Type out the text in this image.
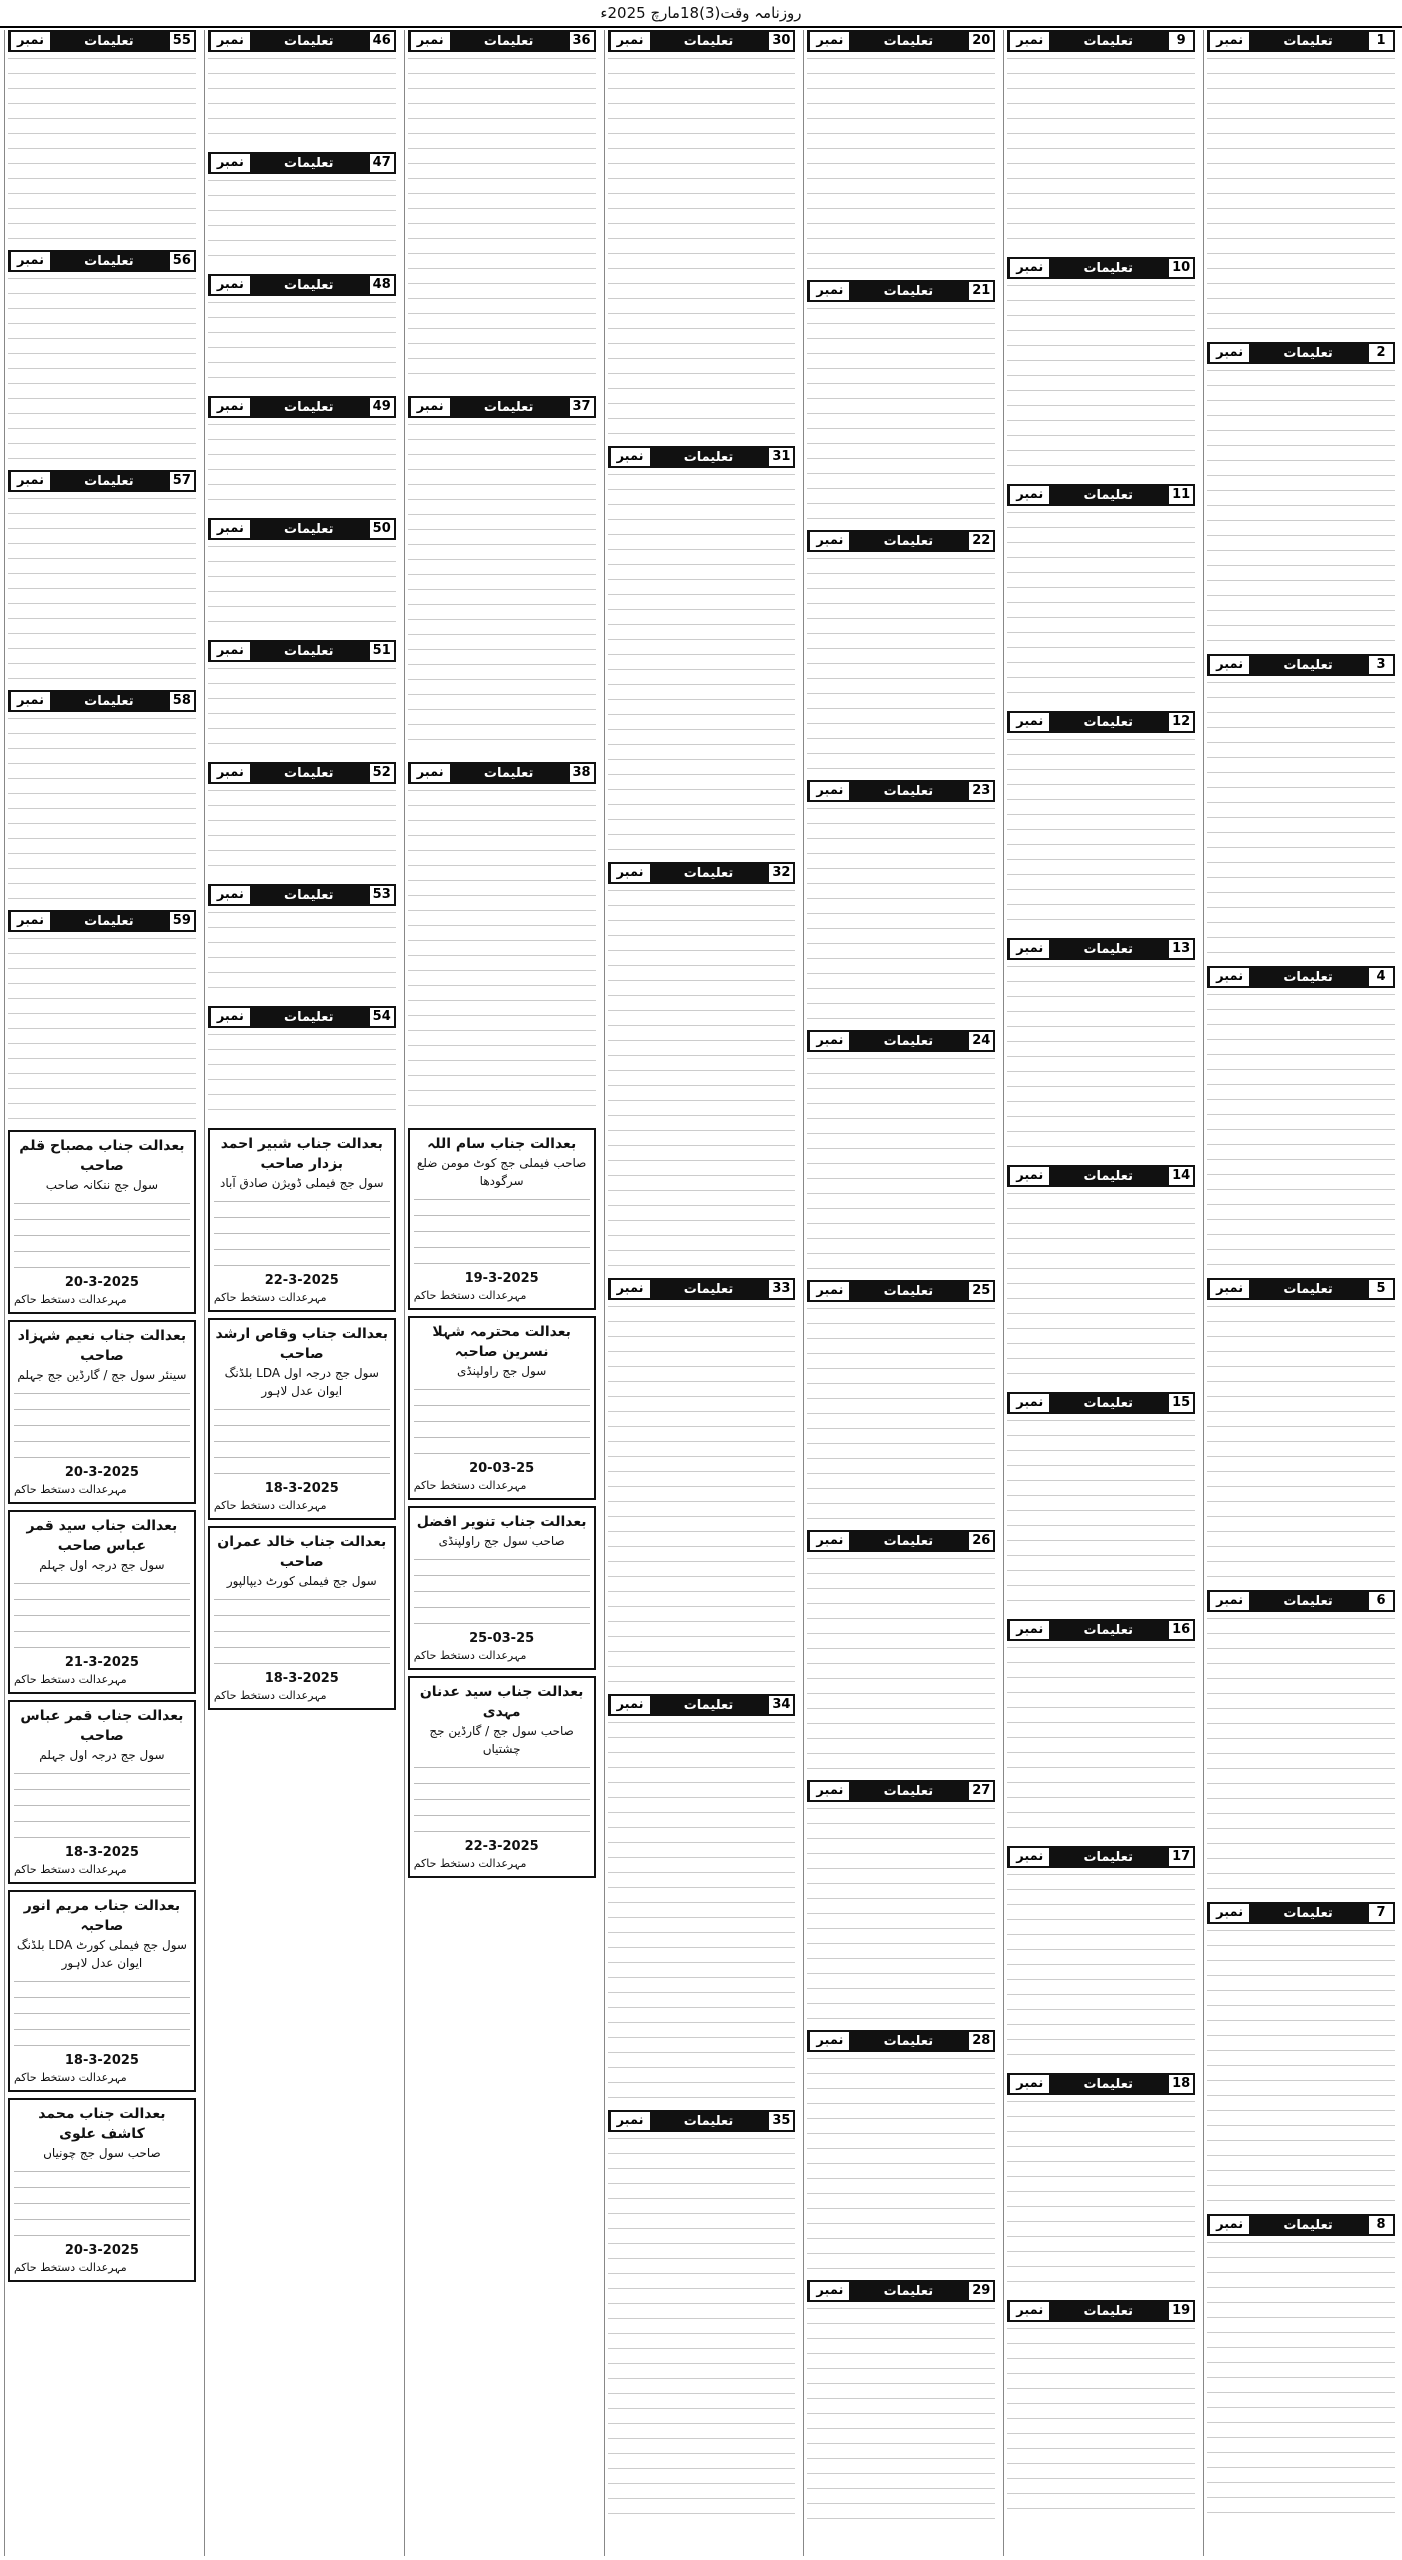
روزنامہ وقت(3)18مارچ 2025ء
1
تعلیمات
نمبر
2
تعلیمات
نمبر
3
تعلیمات
نمبر
4
تعلیمات
نمبر
5
تعلیمات
نمبر
6
تعلیمات
نمبر
7
تعلیمات
نمبر
8
تعلیمات
نمبر
9
تعلیمات
نمبر
10
تعلیمات
نمبر
11
تعلیمات
نمبر
12
تعلیمات
نمبر
13
تعلیمات
نمبر
14
تعلیمات
نمبر
15
تعلیمات
نمبر
16
تعلیمات
نمبر
17
تعلیمات
نمبر
18
تعلیمات
نمبر
19
تعلیمات
نمبر
20
تعلیمات
نمبر
21
تعلیمات
نمبر
22
تعلیمات
نمبر
23
تعلیمات
نمبر
24
تعلیمات
نمبر
25
تعلیمات
نمبر
26
تعلیمات
نمبر
27
تعلیمات
نمبر
28
تعلیمات
نمبر
29
تعلیمات
نمبر
30
تعلیمات
نمبر
31
تعلیمات
نمبر
32
تعلیمات
نمبر
33
تعلیمات
نمبر
34
تعلیمات
نمبر
35
تعلیمات
نمبر
36
تعلیمات
نمبر
37
تعلیمات
نمبر
38
تعلیمات
نمبر
بعدالت جناب سام اللہ
صاحب فیملی جج کوٹ مومن ضلع سرگودھا
19-3-2025
مہرعدالت دستخط حاکم
بعدالت محترمہ شہلا نسرین صاحبہ
سول جج راولپنڈی
20-03-25
مہرعدالت دستخط حاکم
بعدالت جناب تنویر افضل
صاحب سول جج راولپنڈی
25-03-25
مہرعدالت دستخط حاکم
بعدالت جناب سید عدنان مہدی
صاحب سول جج / گارڈین جج چشتیاں
22-3-2025
مہرعدالت دستخط حاکم
46
تعلیمات
نمبر
47
تعلیمات
نمبر
48
تعلیمات
نمبر
49
تعلیمات
نمبر
50
تعلیمات
نمبر
51
تعلیمات
نمبر
52
تعلیمات
نمبر
53
تعلیمات
نمبر
54
تعلیمات
نمبر
بعدالت جناب شبیر احمد بزدار صاحب
سول جج فیملی ڈویژن صادق آباد
22-3-2025
مہرعدالت دستخط حاکم
بعدالت جناب وقاص ارشد صاحب
سول جج درجہ اول LDA بلڈنگ ایوان عدل لاہور
18-3-2025
مہرعدالت دستخط حاکم
بعدالت جناب خالد عمران صاحب
سول جج فیملی کورٹ دیپالپور
18-3-2025
مہرعدالت دستخط حاکم
55
تعلیمات
نمبر
56
تعلیمات
نمبر
57
تعلیمات
نمبر
58
تعلیمات
نمبر
59
تعلیمات
نمبر
بعدالت جناب مصباح قلم صاحب
سول جج ننکانہ صاحب
20-3-2025
مہرعدالت دستخط حاکم
بعدالت جناب نعیم شہزاد صاحب
سینئر سول جج / گارڈین جج جہلم
20-3-2025
مہرعدالت دستخط حاکم
بعدالت جناب سید قمر عباس صاحب
سول جج درجہ اول جہلم
21-3-2025
مہرعدالت دستخط حاکم
بعدالت جناب قمر عباس صاحب
سول جج درجہ اول جہلم
18-3-2025
مہرعدالت دستخط حاکم
بعدالت جناب مریم انور صاحبہ
سول جج فیملی کورٹ LDA بلڈنگ ایوان عدل لاہور
18-3-2025
مہرعدالت دستخط حاکم
بعدالت جناب محمد کاشف علوی
صاحب سول جج چونیاں
20-3-2025
مہرعدالت دستخط حاکم
